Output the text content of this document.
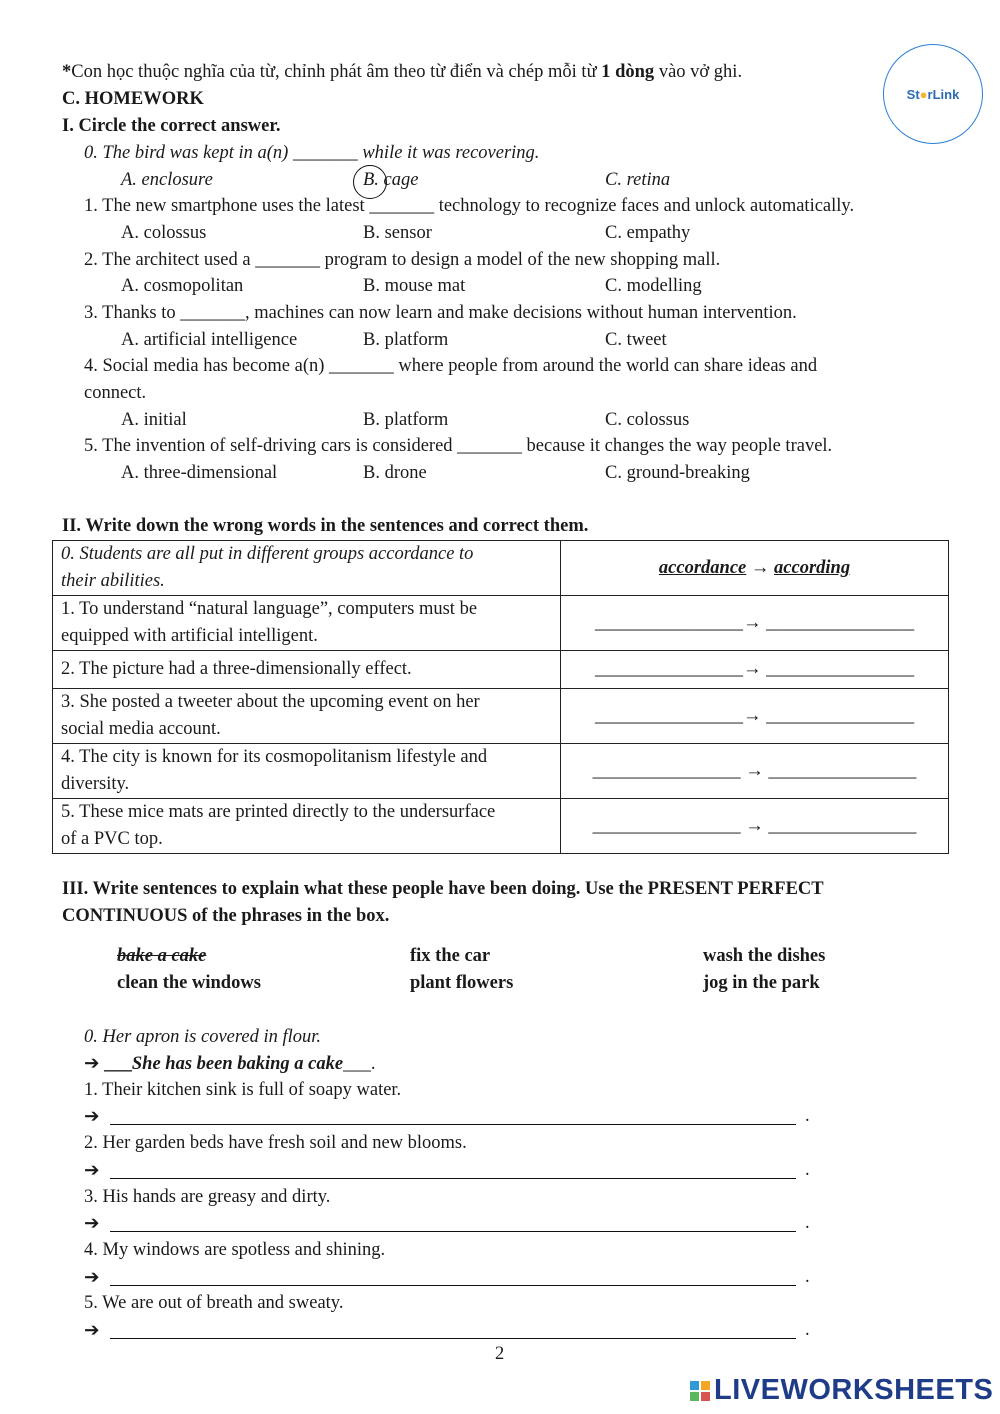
*Con học thuộc nghĩa của từ, chỉnh phát âm theo từ điển và chép mỗi từ 1 dòng vào vở ghi.
St ● rLink
C. HOMEWORK
I. Circle the correct answer.
0. The bird was kept in a(n) _______ while it was recovering.
A. enclosure	B. cage	C. retina
1. The new smartphone uses the latest _______ technology to recognize faces and unlock automatically.
A. colossus	B. sensor	C. empathy
2. The architect used a _______ program to design a model of the new shopping mall.
A. cosmopolitan	B. mouse mat	C. modelling
3. Thanks to _______, machines can now learn and make decisions without human intervention.
A. artificial intelligence	B. platform	C. tweet
4. Social media has become a(n) _______ where people from around the world can share ideas and
connect.
A. initial	B. platform	C. colossus
5. The invention of self-driving cars is considered _______ because it changes the way people travel.
A. three-dimensional	B. drone	C. ground-breaking
II. Write down the wrong words in the sentences and correct them.
0. Students are all put in different groups accordance to
their abilities.	accordance → according
1. To understand “natural language”, computers must be
equipped with artificial intelligent.	________________→ ________________
2. The picture had a three-dimensionally effect.	________________→ ________________
3. She posted a tweeter about the upcoming event on her
social media account.	________________→ ________________
4. The city is known for its cosmopolitanism lifestyle and
diversity.	________________ → ________________
5. These mice mats are printed directly to the undersurface
of a PVC top.	________________ → ________________
III. Write sentences to explain what these people have been doing. Use the PRESENT PERFECT
CONTINUOUS of the phrases in the box.
bake a cake	fix the car	wash the dishes
clean the windows	plant flowers	jog in the park
0. Her apron is covered in flour.
➔ ___She has been baking a cake___.
1. Their kitchen sink is full of soapy water.
➔	.
2. Her garden beds have fresh soil and new blooms.
➔	.
3. His hands are greasy and dirty.
➔	.
4. My windows are spotless and shining.
➔	.
5. We are out of breath and sweaty.
➔	.
2
LIVEWORKSHEETS
